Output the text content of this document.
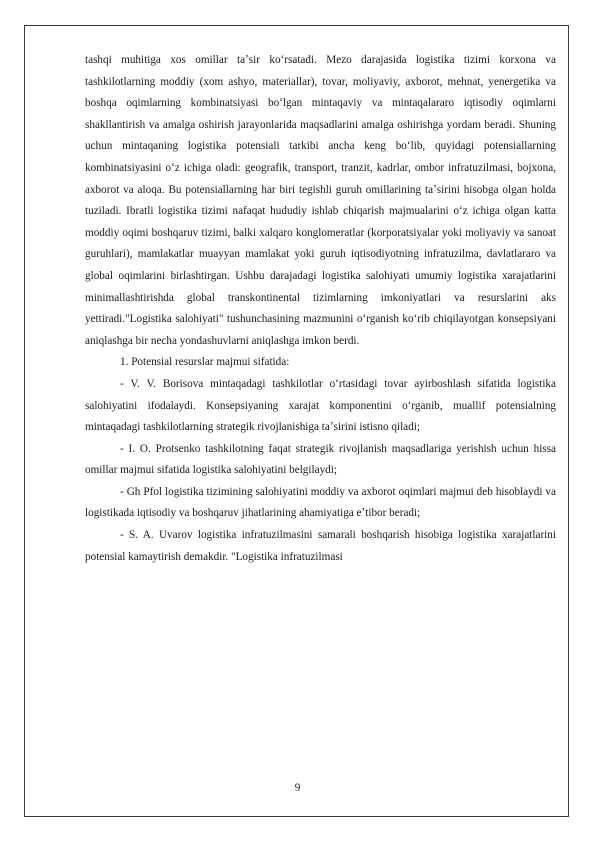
tashqi muhitiga xos omillar taʼsir koʻrsatadi. Mezo darajasida logistika tizimi korxona va tashkilotlarning moddiy (xom ashyo, materiallar), tovar, moliyaviy, axborot, mehnat, yenergetika va boshqa oqimlarning kombinatsiyasi boʻlgan mintaqaviy va mintaqalararo iqtisodiy oqimlarni shakllantirish va amalga oshirish jarayonlarida maqsadlarini amalga oshirishga yordam beradi. Shuning uchun mintaqaning logistika potensiali tarkibi ancha keng boʻlib, quyidagi potensiallarning kombinatsiyasini oʻz ichiga oladi: geografik, transport, tranzit, kadrlar, ombor infratuzilmasi, bojxona, axborot va aloqa. Bu potensiallarning har biri tegishli guruh omillarining taʼsirini hisobga olgan holda tuziladi. Ibratli logistika tizimi nafaqat hududiy ishlab chiqarish majmualarini oʻz ichiga olgan katta moddiy oqimi boshqaruv tizimi, balki xalqaro konglomeratlar (korporatsiyalar yoki moliyaviy va sanoat guruhlari), mamlakatlar muayyan mamlakat yoki guruh iqtisodiyotning infratuzilma, davlatlararo va global oqimlarini birlashtirgan. Ushbu darajadagi logistika salohiyati umumiy logistika xarajatlarini minimallashtirishda global transkontinental tizimlarning imkoniyatlari va resurslarini aks yettiradi."Logistika salohiyati" tushunchasining mazmunini oʻrganish koʻrib chiqilayotgan konsepsiyani aniqlashga bir necha yondashuvlarni aniqlashga imkon berdi.

1. Potensial resurslar majmui sifatida:

- V. V. Borisova mintaqadagi tashkilotlar oʻrtasidagi tovar ayirboshlash sifatida logistika salohiyatini ifodalaydi. Konsepsiyaning xarajat komponentini oʻrganib, muallif potensialning mintaqadagi tashkilotlarning strategik rivojlanishiga taʼsirini istisno qiladi;

- I. O. Protsenko tashkilotning faqat strategik rivojlanish maqsadlariga yerishish uchun hissa omillar majmui sifatida logistika salohiyatini belgilaydi;

- Gh Pfol logistika tizimining salohiyatini moddiy va axborot oqimlari majmui deb hisoblaydi va logistikada iqtisodiy va boshqaruv jihatlarining ahamiyatiga eʼtibor beradi;

- S. A. Uvarov logistika infratuzilmasini samarali boshqarish hisobiga logistika xarajatlarini potensial kamaytirish demakdir. "Logistika infratuzilmasi

9
